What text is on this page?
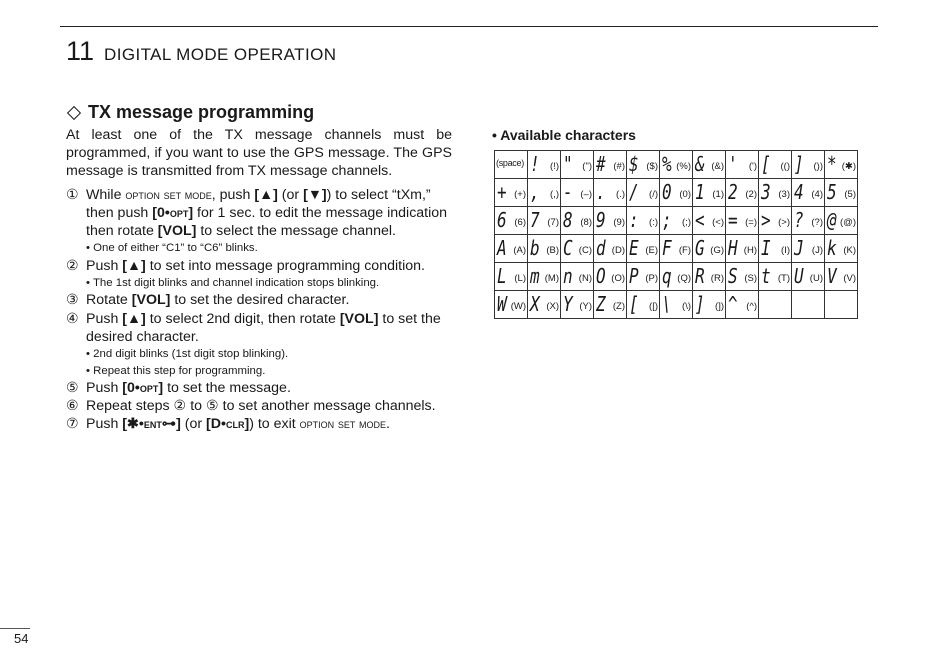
11 DIGITAL MODE OPERATION
TX message programming

At least one of the TX message channels must be programmed, if you want to use the GPS message. The GPS message is transmitted from TX message channels.

① While option set mode, push [▲] (or [▼]) to select “tXm,” then push [0•opt] for 1 sec. to edit the message indication then rotate [VOL] to select the message channel.
• One of either “C1” to “C6” blinks.
② Push [▲] to set into message programming condition.
• The 1st digit blinks and channel indication stops blinking.
③ Rotate [VOL] to set the desired character.
④ Push [▲] to select 2nd digit, then rotate [VOL] to set the desired character.
• 2nd digit blinks (1st digit stop blinking).
• Repeat this step for programming.
⑤ Push [0•opt] to set the message.
⑥ Repeat steps ② to ⑤ to set another message channels.
⑦ Push [✱•ent⊶] (or [D•clr]) to exit option set mode.
• Available characters
(space)	! (!)	" (")	# (#)	$ ($)	% (%)	& (&)	' (')	[ (()	] ())	* (✱)

+ (+)	, (,)	- (–)	. (.)	/ (/)	0 (0)	1 (1)	2 (2)	3 (3)	4 (4)	5 (5)

6 (6)	7 (7)	8 (8)	9 (9)	: (:)	; (;)	< (<)	= (=)	> (>)	? (?)	@ (@)

A (A)	b (B)	C (C)	d (D)	E (E)	F (F)	G (G)	H (H)	I (I)	J (J)	k (K)

L (L)	m (M)	n (N)	O (O)	P (P)	q (Q)	R (R)	S (S)	t (T)	U (U)	V (V)

W (W)	X (X)	Y (Y)	Z (Z)	[ ([)	\ (\)	] (])	^ (^)			

54
